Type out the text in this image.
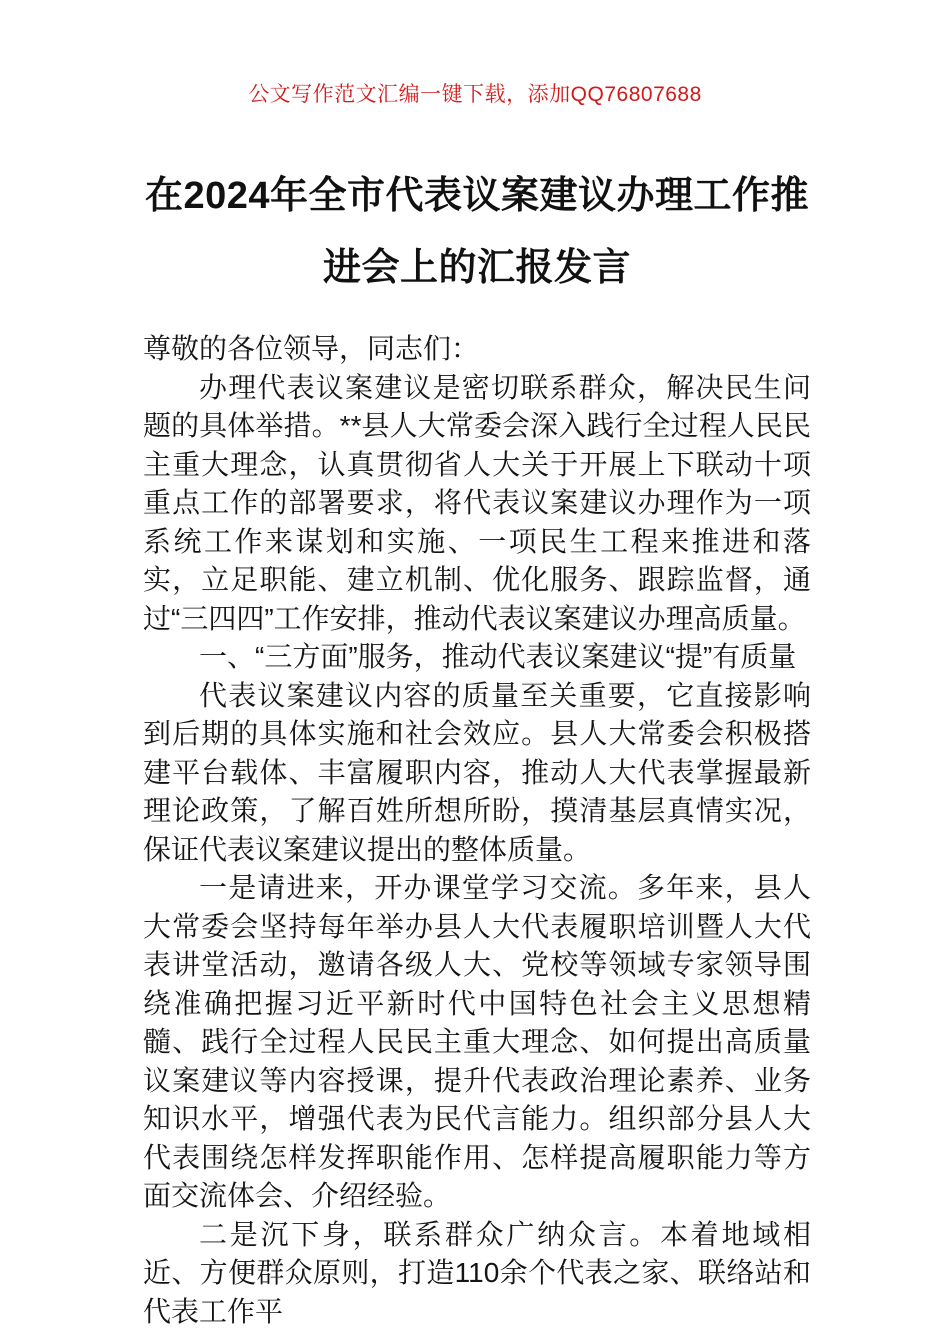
公文写作范文汇编一键下载，添加QQ76807688
在2024年全市代表议案建议办理工作推进会上的汇报发言

尊敬的各位领导，同志们：

办理代表议案建议是密切联系群众，解决民生问题的具体举措。**县人大常委会深入践行全过程人民民主重大理念，认真贯彻省人大关于开展上下联动十项重点工作的部署要求，将代表议案建议办理作为一项系统工作来谋划和实施、一项民生工程来推进和落实，立足职能、建立机制、优化服务、跟踪监督，通过“三四四”工作安排，推动代表议案建议办理高质量。

一、“三方面”服务，推动代表议案建议“提”有质量

代表议案建议内容的质量至关重要，它直接影响到后期的具体实施和社会效应。县人大常委会积极搭建平台载体、丰富履职内容，推动人大代表掌握最新理论政策，了解百姓所想所盼，摸清基层真情实况，保证代表议案建议提出的整体质量。

一是请进来，开办课堂学习交流。多年来，县人大常委会坚持每年举办县人大代表履职培训暨人大代表讲堂活动，邀请各级人大、党校等领域专家领导围绕准确把握习近平新时代中国特色社会主义思想精髓、践行全过程人民民主重大理念、如何提出高质量议案建议等内容授课，提升代表政治理论素养、业务知识水平，增强代表为民代言能力。组织部分县人大代表围绕怎样发挥职能作用、怎样提高履职能力等方面交流体会、介绍经验。

二是沉下身，联系群众广纳众言。本着地域相近、方便群众原则，打造110余个代表之家、联络站和代表工作平
